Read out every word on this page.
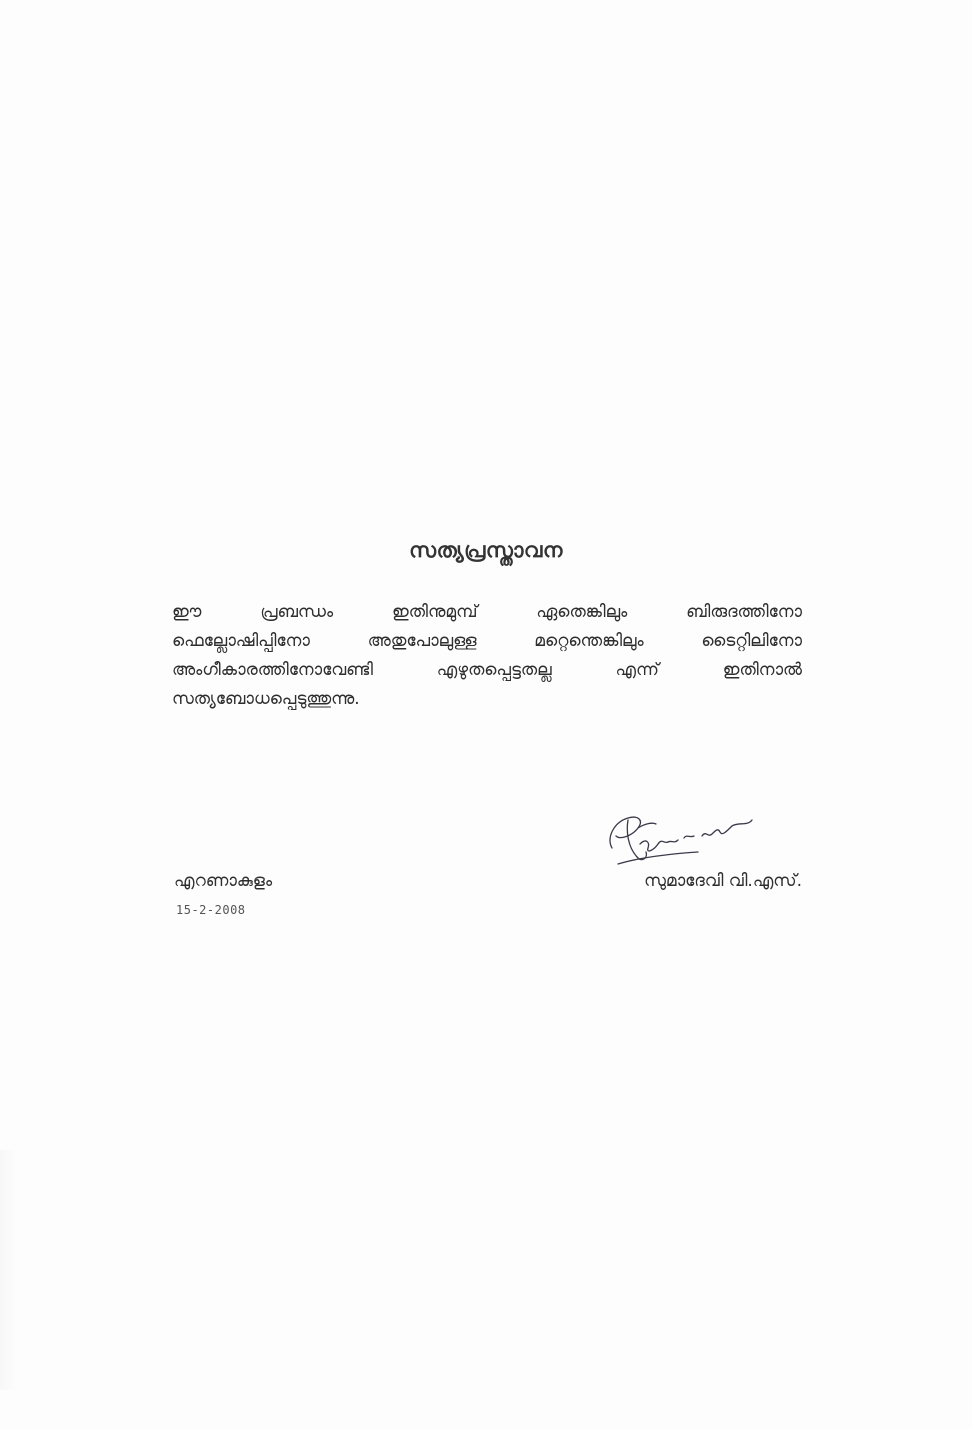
സത്യപ്രസ്താവന
ഈ പ്രബന്ധം ഇതിനുമുമ്പ് ഏതെങ്കിലും ബിരുദത്തിനോ
ഫെല്ലോഷിപ്പിനോ അതുപോലുള്ള മറ്റെന്തെങ്കിലും ടൈറ്റിലിനോ
അംഗീകാരത്തിനോവേണ്ടി എഴുതപ്പെട്ടതല്ല എന്ന് ഇതിനാൽ
സത്യബോധപ്പെടുത്തുന്നു.
എറണാകുളം
15-2-2008
സുമാദേവി വി.എസ്.
